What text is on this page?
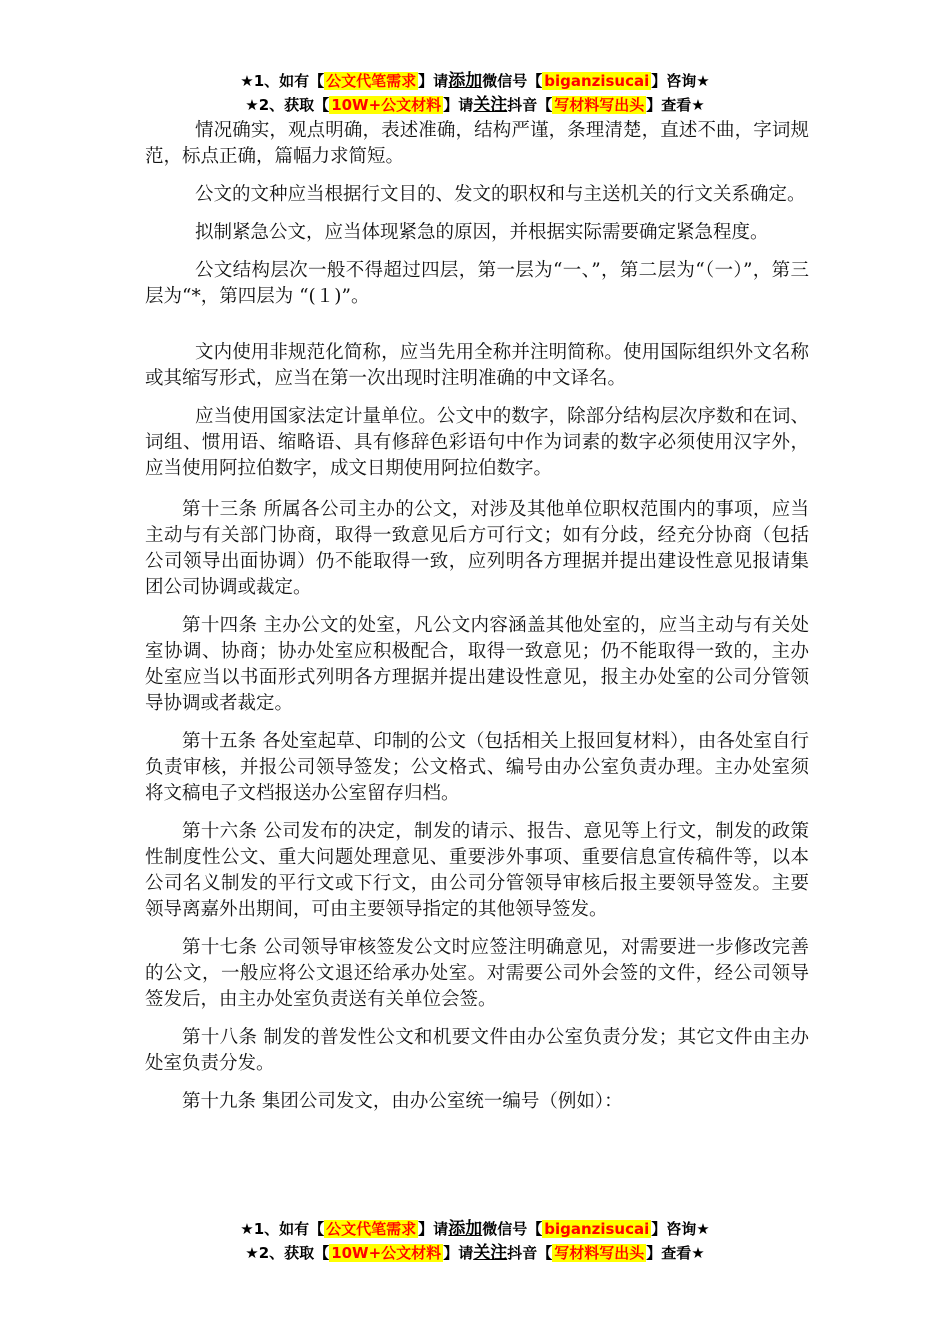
★1、如有【 公文代笔需求 】请添加微信号【 biganzisucai 】咨询★
★2、获取【 10W+公文材料 】请关注抖音【 写材料写出头 】查看★

情况确实，观点明确，表述准确，结构严谨，条理清楚，直述不曲，字词规范，标点正确，篇幅力求简短。

公文的文种应当根据行文目的、发文的职权和与主送机关的行文关系确定。

拟制紧急公文，应当体现紧急的原因，并根据实际需要确定紧急程度。

公文结构层次一般不得超过四层，第一层为“一、”，第二层为“（一）”，第三层为“*，第四层为 “(１)”。

文内使用非规范化简称，应当先用全称并注明简称。使用国际组织外文名称或其缩写形式，应当在第一次出现时注明准确的中文译名。

应当使用国家法定计量单位。公文中的数字，除部分结构层次序数和在词、词组、惯用语、缩略语、具有修辞色彩语句中作为词素的数字必须使用汉字外，应当使用阿拉伯数字，成文日期使用阿拉伯数字。

第十三条 所属各公司主办的公文，对涉及其他单位职权范围内的事项，应当主动与有关部门协商，取得一致意见后方可行文；如有分歧，经充分协商（包括公司领导出面协调）仍不能取得一致，应列明各方理据并提出建设性意见报请集团公司协调或裁定。

第十四条 主办公文的处室，凡公文内容涵盖其他处室的，应当主动与有关处室协调、协商；协办处室应积极配合，取得一致意见；仍不能取得一致的，主办处室应当以书面形式列明各方理据并提出建设性意见，报主办处室的公司分管领导协调或者裁定。

第十五条 各处室起草、印制的公文（包括相关上报回复材料），由各处室自行负责审核，并报公司领导签发；公文格式、编号由办公室负责办理。主办处室须将文稿电子文档报送办公室留存归档。

第十六条 公司发布的决定，制发的请示、报告、意见等上行文，制发的政策性制度性公文、重大问题处理意见、重要涉外事项、重要信息宣传稿件等，以本公司名义制发的平行文或下行文，由公司分管领导审核后报主要领导签发。主要领导离嘉外出期间，可由主要领导指定的其他领导签发。

第十七条 公司领导审核签发公文时应签注明确意见，对需要进一步修改完善的公文，一般应将公文退还给承办处室。对需要公司外会签的文件，经公司领导签发后，由主办处室负责送有关单位会签。

第十八条 制发的普发性公文和机要文件由办公室负责分发；其它文件由主办处室负责分发。

第十九条 集团公司发文，由办公室统一编号（例如）：

★1、如有【 公文代笔需求 】请添加微信号【 biganzisucai 】咨询★
★2、获取【 10W+公文材料 】请关注抖音【 写材料写出头 】查看★
